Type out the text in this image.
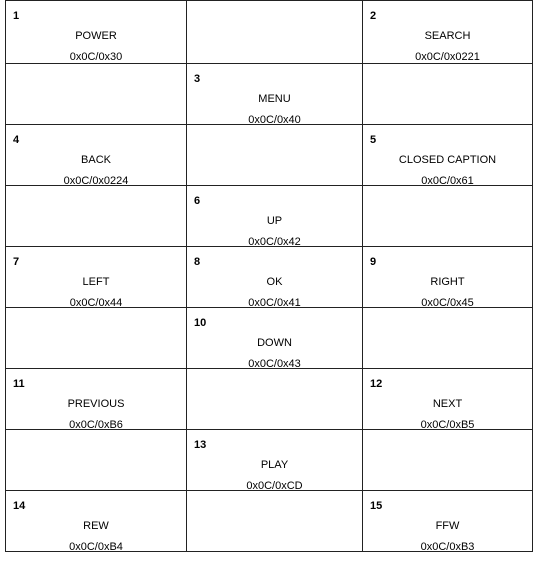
1
POWER
0x0C/0x30		2
SEARCH
0x0C/0x0221

	3
MENU
0x0C/0x40	

4
BACK
0x0C/0x0224		5
CLOSED CAPTION
0x0C/0x61

	6
UP
0x0C/0x42	

7
LEFT
0x0C/0x44	8
OK
0x0C/0x41	9
RIGHT
0x0C/0x45

	10
DOWN
0x0C/0x43	

11
PREVIOUS
0x0C/0xB6		12
NEXT
0x0C/0xB5

	13
PLAY
0x0C/0xCD	

14
REW
0x0C/0xB4		15
FFW
0x0C/0xB3
